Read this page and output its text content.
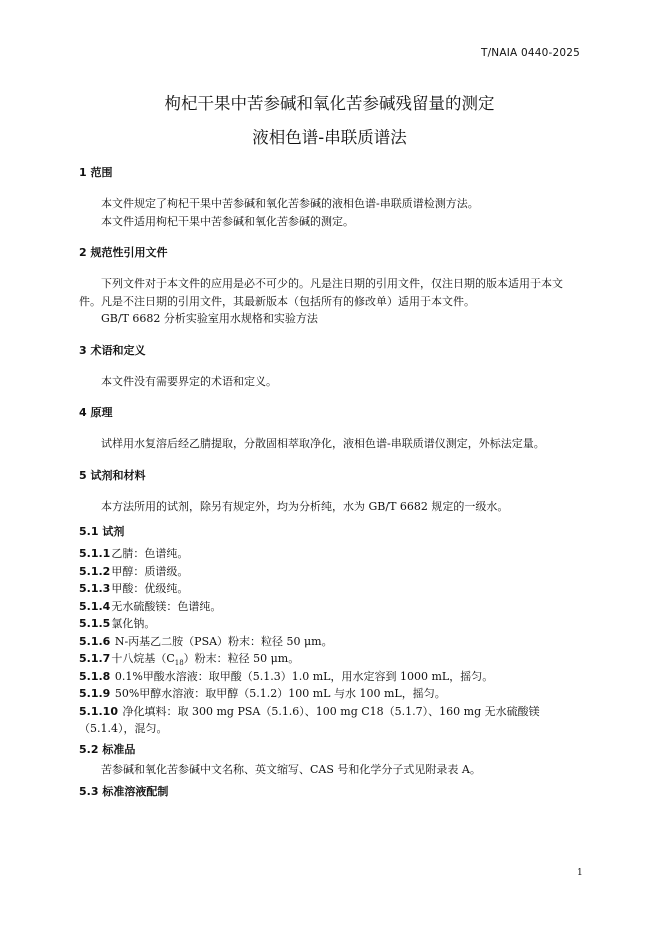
T/NAIA 0440-2025
枸杞干果中苦参碱和氧化苦参碱残留量的测定
液相色谱-串联质谱法
1 范围

本文件规定了枸杞干果中苦参碱和氧化苦参碱的液相色谱-串联质谱检测方法。

本文件适用枸杞干果中苦参碱和氧化苦参碱的测定。

2 规范性引用文件

下列文件对于本文件的应用是必不可少的。凡是注日期的引用文件，仅注日期的版本适用于本文件。凡是不注日期的引用文件，其最新版本（包括所有的修改单）适用于本文件。

GB/T 6682 分析实验室用水规格和实验方法

3 术语和定义

本文件没有需要界定的术语和定义。

4 原理

试样用水复溶后经乙腈提取，分散固相萃取净化，液相色谱-串联质谱仪测定，外标法定量。

5 试剂和材料

本方法所用的试剂，除另有规定外，均为分析纯，水为 GB/T 6682 规定的一级水。

5.1 试剂

5.1.1乙腈：色谱纯。

5.1.2甲醇：质谱级。

5.1.3甲酸：优级纯。

5.1.4无水硫酸镁：色谱纯。

5.1.5氯化钠。

5.1.6 N-丙基乙二胺（PSA）粉末：粒径 50 μm。

5.1.7十八烷基$(C_{18})$粉末：粒径 50 μm。

5.1.8 0.1%甲酸水溶液：取甲酸（5.1.3）1.0 mL，用水定容到 1000 mL，摇匀。

5.1.9 50%甲醇水溶液：取甲醇（5.1.2）100 mL 与水 100 mL，摇匀。

5.1.10 净化填料：取 300 mg PSA（5.1.6）、100 mg C18（5.1.7）、160 mg 无水硫酸镁（5.1.4），混匀。

5.2 标准品

苦参碱和氧化苦参碱中文名称、英文缩写、CAS 号和化学分子式见附录表 A。

5.3 标准溶液配制
1
